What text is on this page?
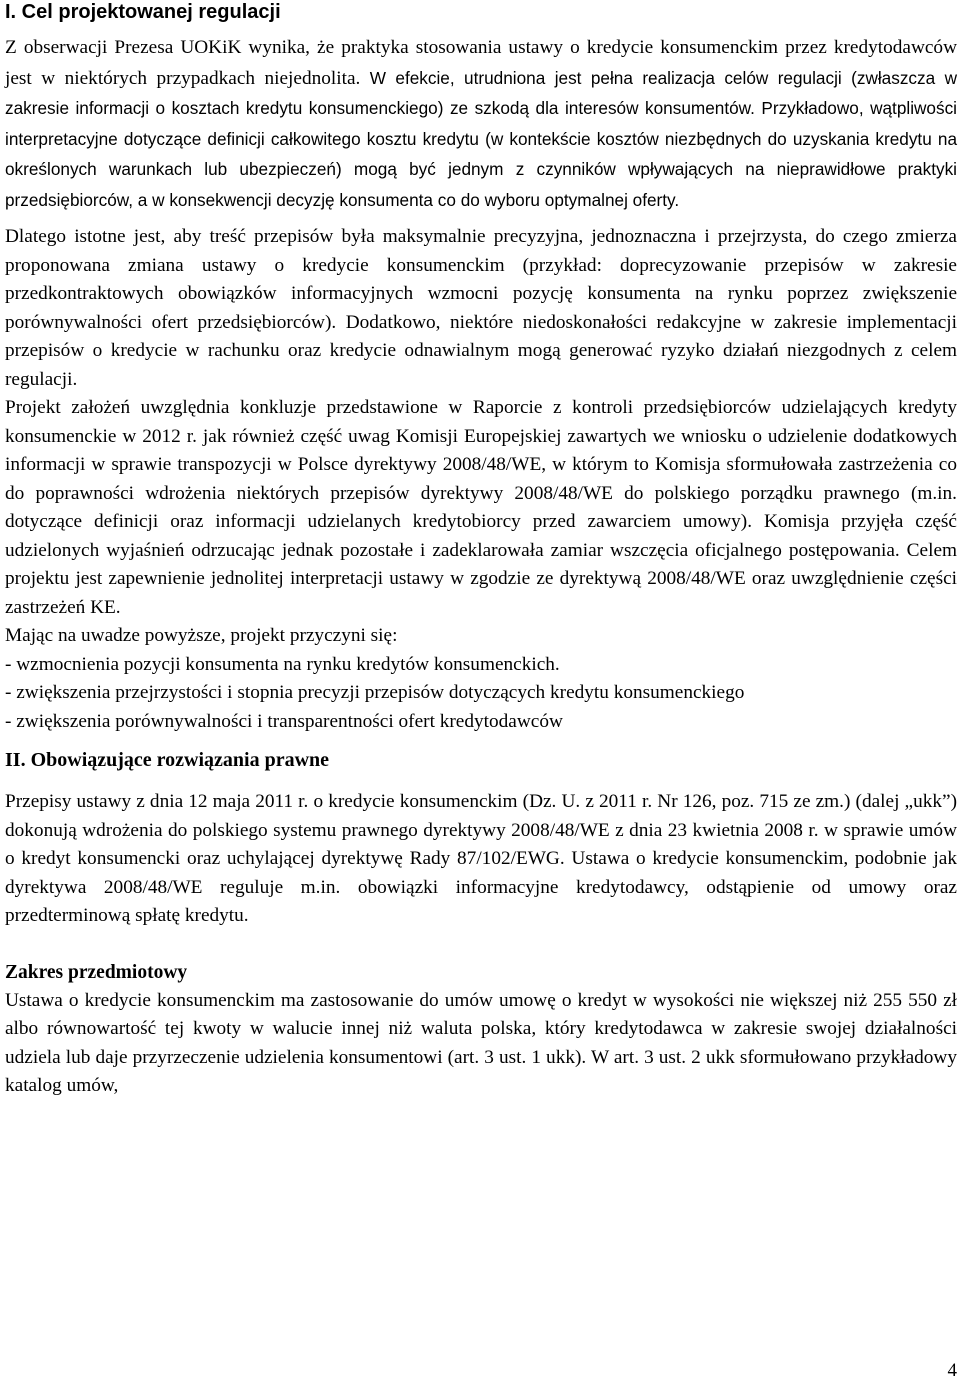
I. Cel projektowanej regulacji

Z obserwacji Prezesa UOKiK wynika, że praktyka stosowania ustawy o kredycie konsumenckim przez kredytodawców jest w niektórych przypadkach niejednolita. W efekcie, utrudniona jest pełna realizacja celów regulacji (zwłaszcza w zakresie informacji o kosztach kredytu konsumenckiego) ze szkodą dla interesów konsumentów. Przykładowo, wątpliwości interpretacyjne dotyczące definicji całkowitego kosztu kredytu (w kontekście kosztów niezbędnych do uzyskania kredytu na określonych warunkach lub ubezpieczeń) mogą być jednym z czynników wpływających na nieprawidłowe praktyki przedsiębiorców, a w konsekwencji decyzję konsumenta co do wyboru optymalnej oferty.

Dlatego istotne jest, aby treść przepisów była maksymalnie precyzyjna, jednoznaczna i przejrzysta, do czego zmierza proponowana zmiana ustawy o kredycie konsumenckim (przykład: doprecyzowanie przepisów w zakresie przedkontraktowych obowiązków informacyjnych wzmocni pozycję konsumenta na rynku poprzez zwiększenie porównywalności ofert przedsiębiorców). Dodatkowo, niektóre niedoskonałości redakcyjne w zakresie implementacji przepisów o kredycie w rachunku oraz kredycie odnawialnym mogą generować ryzyko działań niezgodnych z celem regulacji.

Projekt założeń uwzględnia konkluzje przedstawione w Raporcie z kontroli przedsiębiorców udzielających kredyty konsumenckie w 2012 r. jak również część uwag Komisji Europejskiej zawartych we wniosku o udzielenie dodatkowych informacji w sprawie transpozycji w Polsce dyrektywy 2008/48/WE, w którym to Komisja sformułowała zastrzeżenia co do poprawności wdrożenia niektórych przepisów dyrektywy 2008/48/WE do polskiego porządku prawnego (m.in. dotyczące definicji oraz informacji udzielanych kredytobiorcy przed zawarciem umowy). Komisja przyjęła część udzielonych wyjaśnień odrzucając jednak pozostałe i zadeklarowała zamiar wszczęcia oficjalnego postępowania. Celem projektu jest zapewnienie jednolitej interpretacji ustawy w zgodzie ze dyrektywą 2008/48/WE oraz uwzględnienie części zastrzeżeń KE.

Mając na uwadze powyższe, projekt przyczyni się:

- wzmocnienia pozycji konsumenta na rynku kredytów konsumenckich.

- zwiększenia przejrzystości i stopnia precyzji przepisów dotyczących kredytu konsumenckiego

- zwiększenia porównywalności i transparentności ofert kredytodawców

II. Obowiązujące rozwiązania prawne

Przepisy ustawy z dnia 12 maja 2011 r. o kredycie konsumenckim (Dz. U. z 2011 r. Nr 126, poz. 715 ze zm.) (dalej „ukk”) dokonują wdrożenia do polskiego systemu prawnego dyrektywy 2008/48/WE z dnia 23 kwietnia 2008 r. w sprawie umów o kredyt konsumencki oraz uchylającej dyrektywę Rady 87/102/EWG. Ustawa o kredycie konsumenckim, podobnie jak dyrektywa 2008/48/WE reguluje m.in. obowiązki informacyjne kredytodawcy, odstąpienie od umowy oraz przedterminową spłatę kredytu.

Zakres przedmiotowy

Ustawa o kredycie konsumenckim ma zastosowanie do umów umowę o kredyt w wysokości nie większej niż 255 550 zł albo równowartość tej kwoty w walucie innej niż waluta polska, który kredytodawca w zakresie swojej działalności udziela lub daje przyrzeczenie udzielenia konsumentowi (art. 3 ust. 1 ukk). W art. 3 ust. 2 ukk sformułowano przykładowy katalog umów,

4
